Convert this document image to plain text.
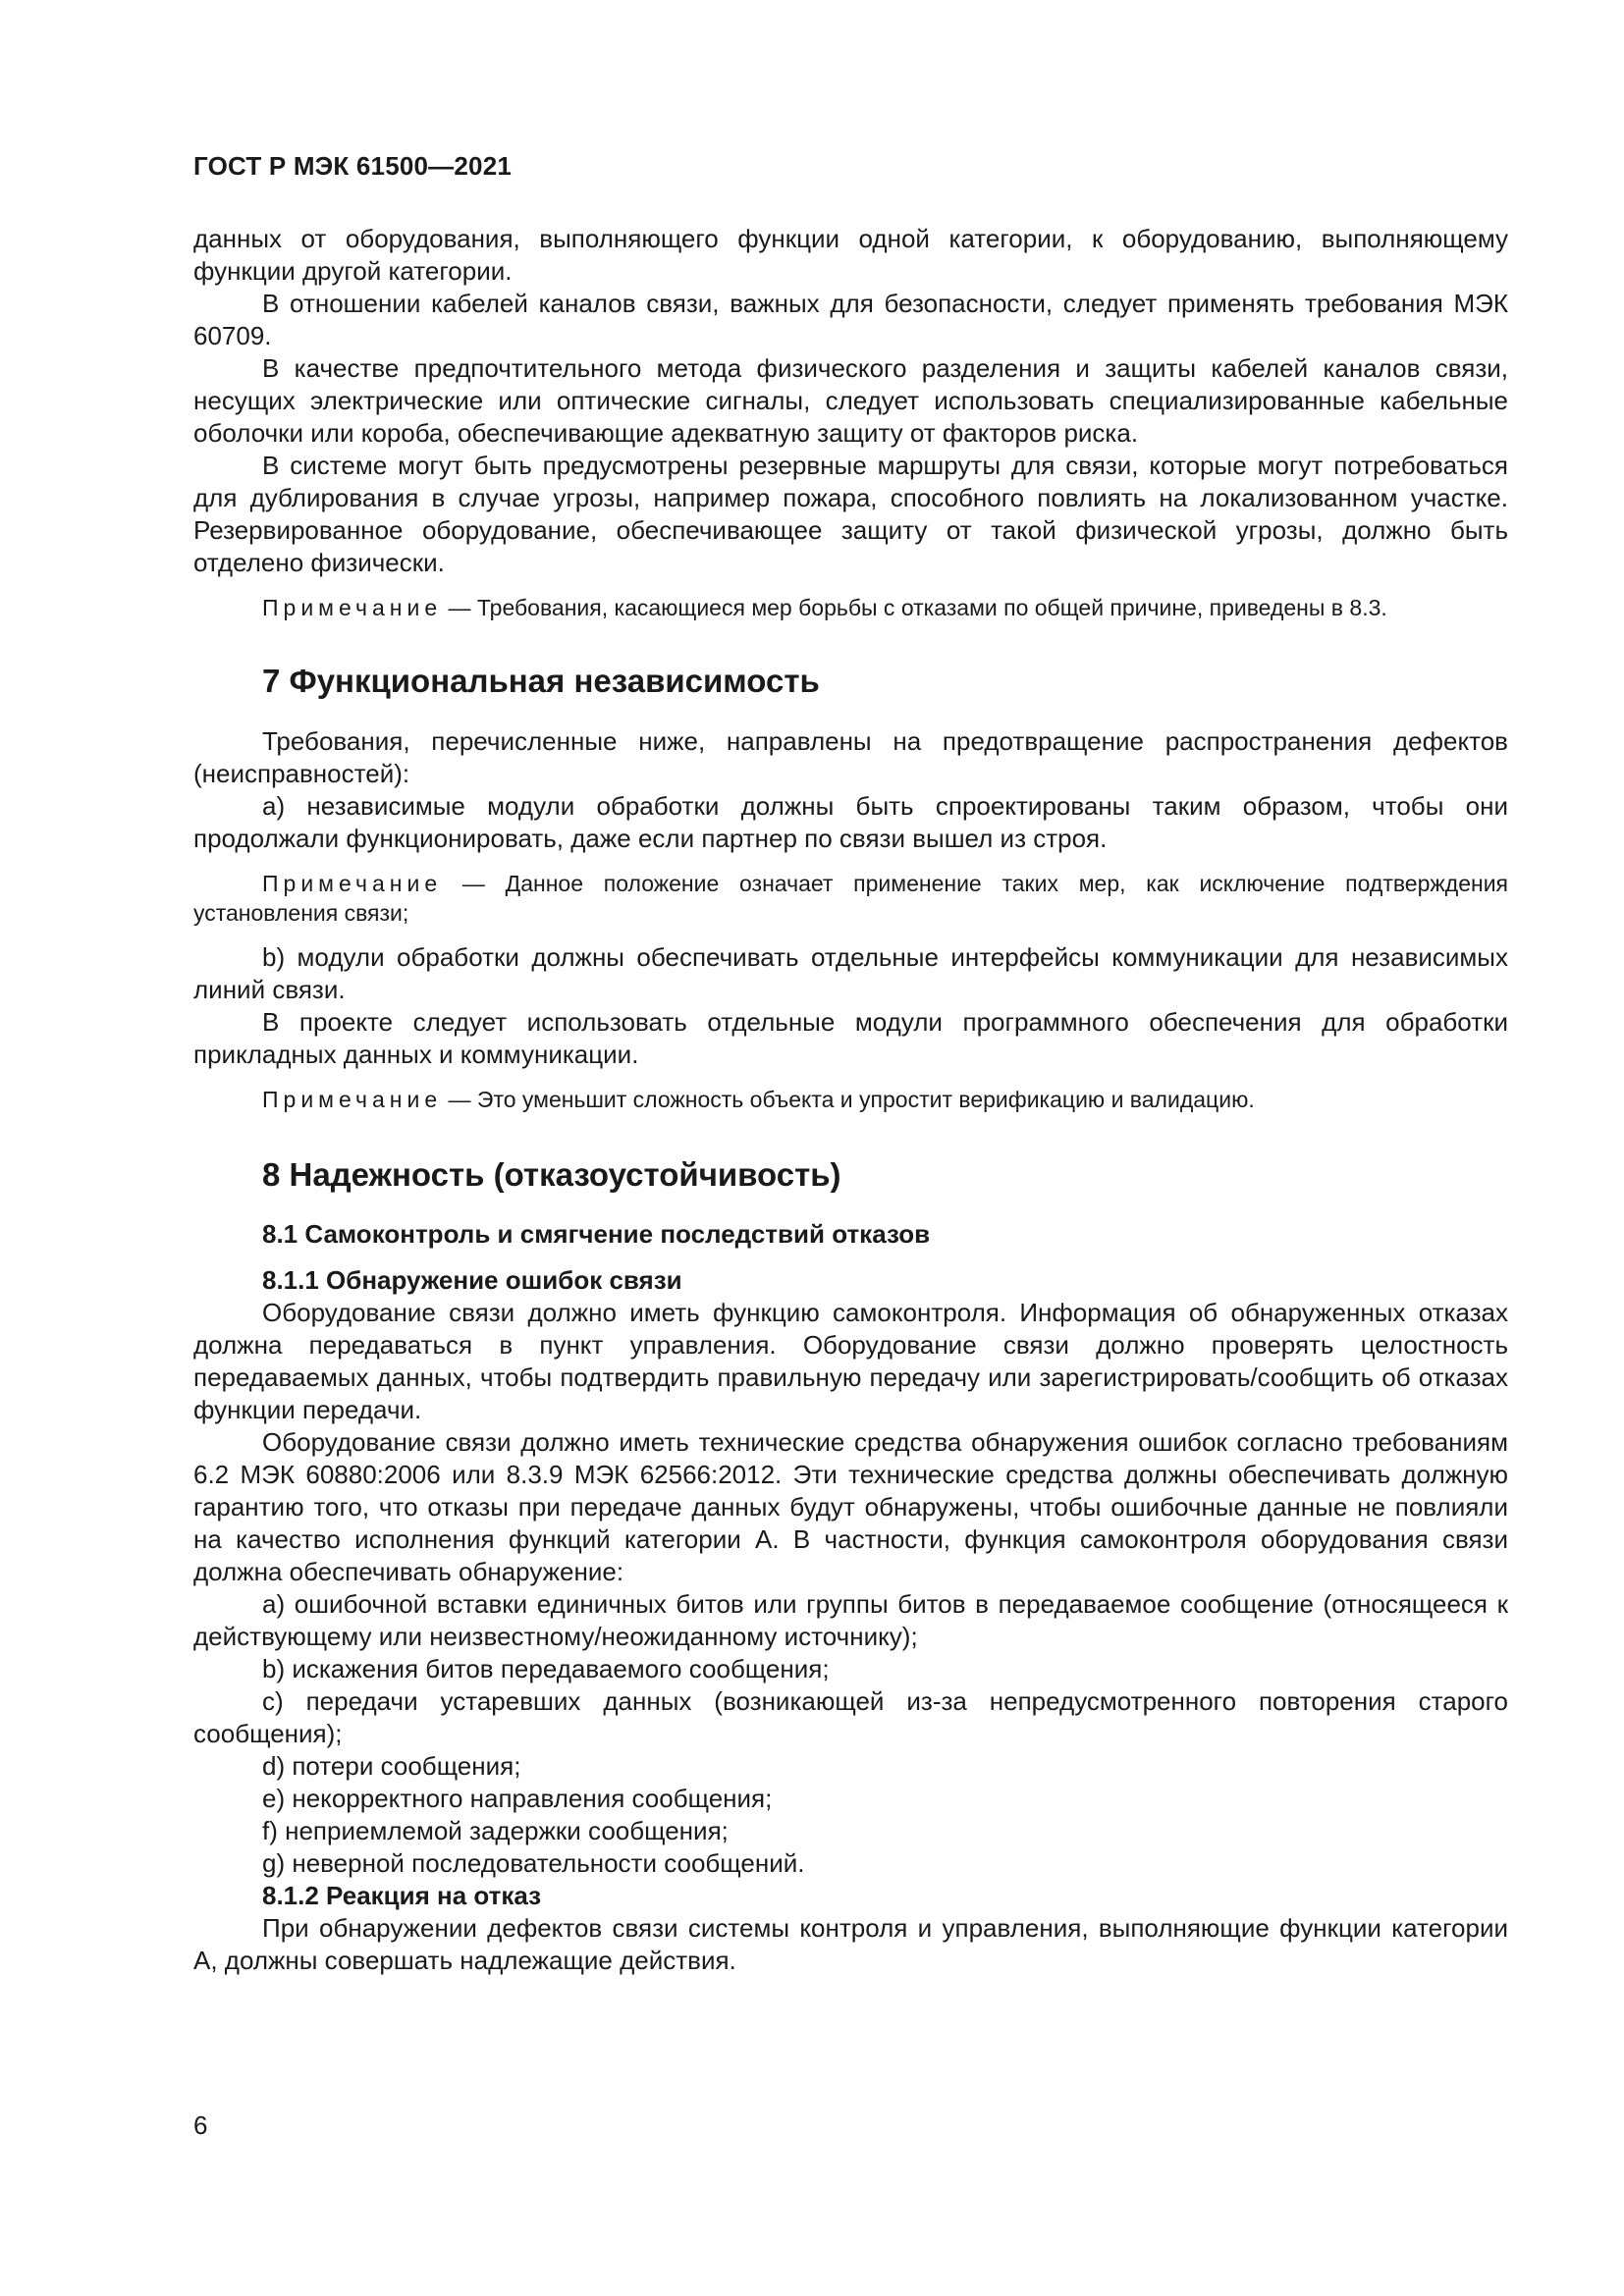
ГОСТ Р МЭК 61500—2021

данных от оборудования, выполняющего функции одной категории, к оборудованию, выполняющему функции другой категории.

В отношении кабелей каналов связи, важных для безопасности, следует применять требования МЭК 60709.

В качестве предпочтительного метода физического разделения и защиты кабелей каналов связи, несущих электрические или оптические сигналы, следует использовать специализированные кабельные оболочки или короба, обеспечивающие адекватную защиту от факторов риска.

В системе могут быть предусмотрены резервные маршруты для связи, которые могут потребоваться для дублирования в случае угрозы, например пожара, способного повлиять на локализованном участке. Резервированное оборудование, обеспечивающее защиту от такой физической угрозы, должно быть отделено физически.

Примечание — Требования, касающиеся мер борьбы с отказами по общей причине, приведены в 8.3.

7 Функциональная независимость

Требования, перечисленные ниже, направлены на предотвращение распространения дефектов (неисправностей):

а) независимые модули обработки должны быть спроектированы таким образом, чтобы они продолжали функционировать, даже если партнер по связи вышел из строя.

Примечание — Данное положение означает применение таких мер, как исключение подтверждения установления связи;

b) модули обработки должны обеспечивать отдельные интерфейсы коммуникации для независимых линий связи.

В проекте следует использовать отдельные модули программного обеспечения для обработки прикладных данных и коммуникации.

Примечание — Это уменьшит сложность объекта и упростит верификацию и валидацию.

8 Надежность (отказоустойчивость)
8.1 Самоконтроль и смягчение последствий отказов
8.1.1 Обнаружение ошибок связи

Оборудование связи должно иметь функцию самоконтроля. Информация об обнаруженных отказах должна передаваться в пункт управления. Оборудование связи должно проверять целостность передаваемых данных, чтобы подтвердить правильную передачу или зарегистрировать/сообщить об отказах функции передачи.

Оборудование связи должно иметь технические средства обнаружения ошибок согласно требованиям 6.2 МЭК 60880:2006 или 8.3.9 МЭК 62566:2012. Эти технические средства должны обеспечивать должную гарантию того, что отказы при передаче данных будут обнаружены, чтобы ошибочные данные не повлияли на качество исполнения функций категории А. В частности, функция самоконтроля оборудования связи должна обеспечивать обнаружение:

а) ошибочной вставки единичных битов или группы битов в передаваемое сообщение (относящееся к действующему или неизвестному/неожиданному источнику);

b) искажения битов передаваемого сообщения;

с) передачи устаревших данных (возникающей из-за непредусмотренного повторения старого сообщения);

d) потери сообщения;

е) некорректного направления сообщения;

f) неприемлемой задержки сообщения;

g) неверной последовательности сообщений.

8.1.2 Реакция на отказ

При обнаружении дефектов связи системы контроля и управления, выполняющие функции категории А, должны совершать надлежащие действия.

6
